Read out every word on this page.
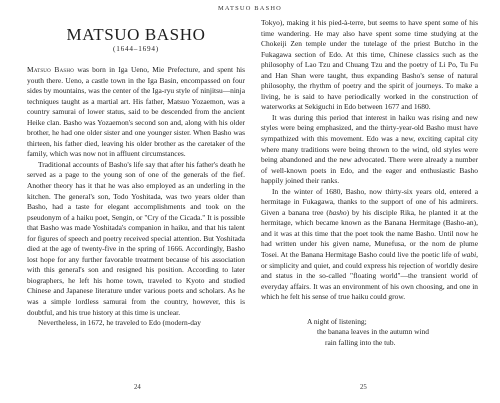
MATSUO BASHO
MATSUO BASHO
(1644–1694)

Matsuo Basho was born in Iga Ueno, Mie Prefecture, and spent his youth there. Ueno, a castle town in the Iga Basin, encompassed on four sides by mountains, was the center of the Iga-ryu style of ninjitsu—ninja techniques taught as a martial art. His father, Matsuo Yozaemon, was a country samurai of lower status, said to be descended from the ancient Heike clan. Basho was Yozaemon's second son and, along with his older brother, he had one older sister and one younger sister. When Basho was thirteen, his father died, leaving his older brother as the caretaker of the family, which was now not in affluent circumstances.

Traditional accounts of Basho's life say that after his father's death he served as a page to the young son of one of the generals of the fief. Another theory has it that he was also employed as an underling in the kitchen. The general's son, Todo Yoshitada, was two years older than Basho, had a taste for elegant accomplishments and took on the pseudonym of a haiku poet, Sengin, or "Cry of the Cicada." It is possible that Basho was made Yoshitada's companion in haiku, and that his talent for figures of speech and poetry received special attention. But Yoshitada died at the age of twenty-five in the spring of 1666. Accordingly, Basho lost hope for any further favorable treatment because of his association with this general's son and resigned his position. According to later biographers, he left his home town, traveled to Kyoto and studied Chinese and Japanese literature under various poets and scholars. As he was a simple lordless samurai from the country, however, this is doubtful, and his true history at this time is unclear.

Nevertheless, in 1672, he traveled to Edo (modern-day

Tokyo), making it his pied-à-terre, but seems to have spent some of his time wandering. He may also have spent some time studying at the Chokeiji Zen temple under the tutelage of the priest Butcho in the Fukagawa section of Edo. At this time, Chinese classics such as the philosophy of Lao Tzu and Chuang Tzu and the poetry of Li Po, Tu Fu and Han Shan were taught, thus expanding Basho's sense of natural philosophy, the rhythm of poetry and the spirit of journeys. To make a living, he is said to have periodically worked in the construction of waterworks at Sekiguchi in Edo between 1677 and 1680.

It was during this period that interest in haiku was rising and new styles were being emphasized, and the thirty-year-old Basho must have sympathized with this movement. Edo was a new, exciting capital city where many traditions were being thrown to the wind, old styles were being abandoned and the new advocated. There were already a number of well-known poets in Edo, and the eager and enthusiastic Basho happily joined their ranks.

In the winter of 1680, Basho, now thirty-six years old, entered a hermitage in Fukagawa, thanks to the support of one of his admirers. Given a banana tree (basho) by his disciple Rika, he planted it at the hermitage, which became known as the Banana Hermitage (Basho-an), and it was at this time that the poet took the name Basho. Until now he had written under his given name, Munefusa, or the nom de plume Tosei. At the Banana Hermitage Basho could live the poetic life of wabi, or simplicity and quiet, and could express his rejection of worldly desire and status in the so-called "floating world"—the transient world of everyday affairs. It was an environment of his own choosing, and one in which he felt his sense of true haiku could grow.

A night of listening;
the banana leaves in the autumn wind
rain falling into the tub.
24	25
